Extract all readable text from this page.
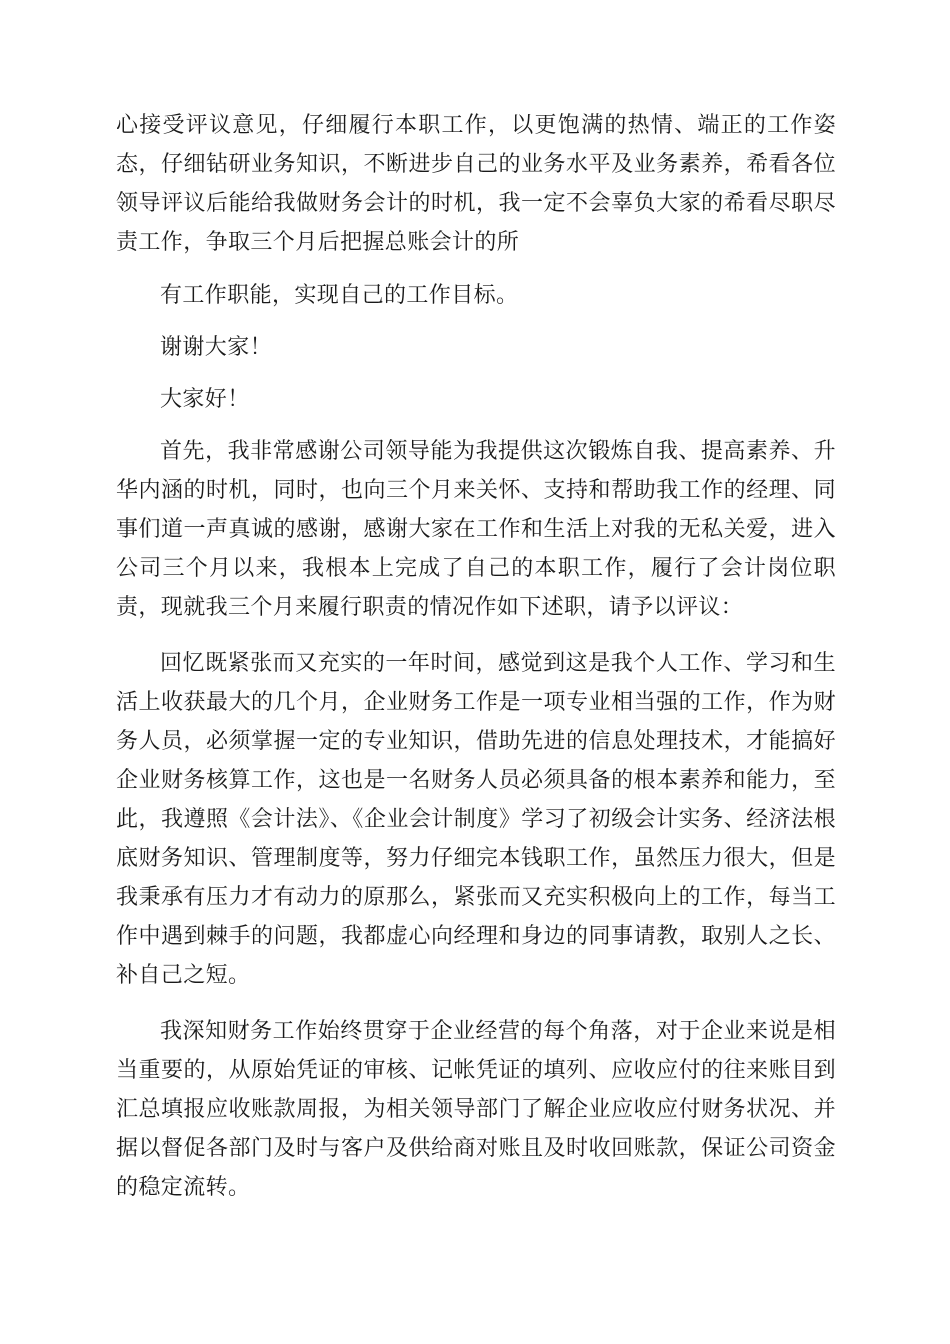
心接受评议意见，仔细履行本职工作，以更饱满的热情、端正的工作姿态，仔细钻研业务知识，不断进步自己的业务水平及业务素养，希看各位领导评议后能给我做财务会计的时机，我一定不会辜负大家的希看尽职尽责工作，争取三个月后把握总账会计的所

有工作职能，实现自己的工作目标。

谢谢大家！

大家好！

首先，我非常感谢公司领导能为我提供这次锻炼自我、提高素养、升华内涵的时机，同时，也向三个月来关怀、支持和帮助我工作的经理、同事们道一声真诚的感谢，感谢大家在工作和生活上对我的无私关爱，进入公司三个月以来，我根本上完成了自己的本职工作，履行了会计岗位职责，现就我三个月来履行职责的情况作如下述职，请予以评议：

回忆既紧张而又充实的一年时间，感觉到这是我个人工作、学习和生活上收获最大的几个月，企业财务工作是一项专业相当强的工作，作为财务人员，必须掌握一定的专业知识，借助先进的信息处理技术，才能搞好企业财务核算工作，这也是一名财务人员必须具备的根本素养和能力，至此，我遵照《会计法》、《企业会计制度》学习了初级会计实务、经济法根底财务知识、管理制度等，努力仔细完本钱职工作，虽然压力很大，但是我秉承有压力才有动力的原那么，紧张而又充实积极向上的工作，每当工作中遇到棘手的问题，我都虚心向经理和身边的同事请教，取别人之长、补自己之短。

我深知财务工作始终贯穿于企业经营的每个角落，对于企业来说是相当重要的，从原始凭证的审核、记帐凭证的填列、应收应付的往来账目到汇总填报应收账款周报，为相关领导部门了解企业应收应付财务状况、并据以督促各部门及时与客户及供给商对账且及时收回账款，保证公司资金的稳定流转。
